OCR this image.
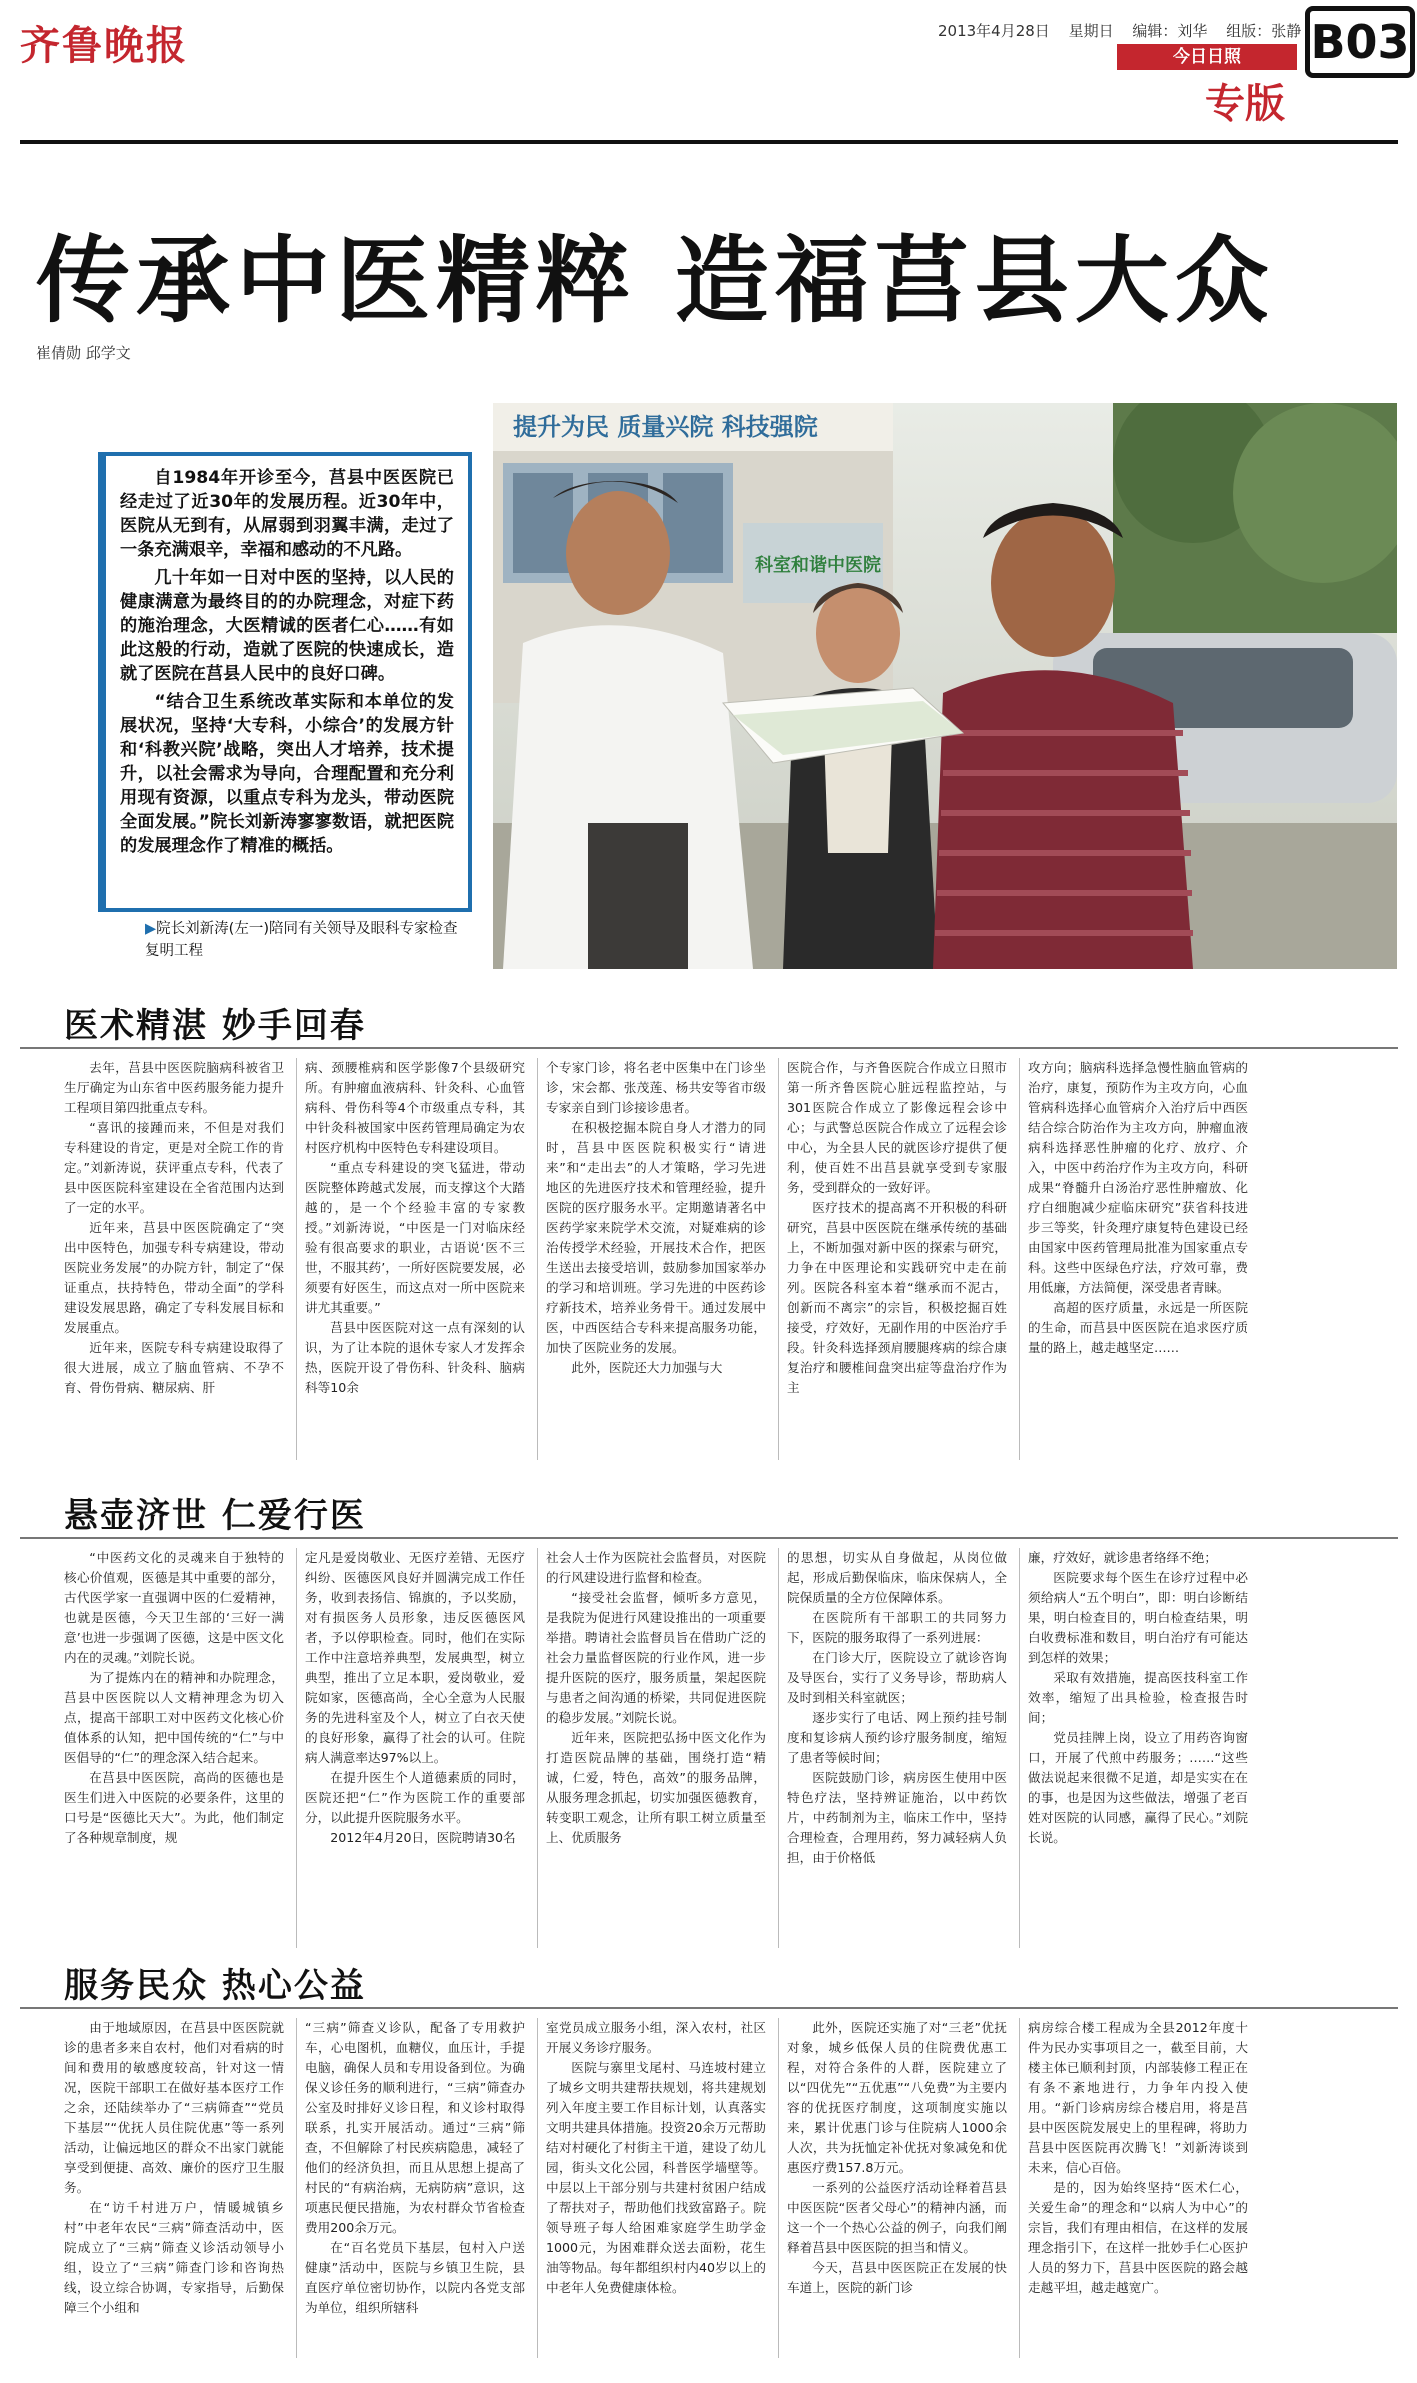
齐鲁晚报	2013年4月28日 星期日 编辑：刘华 组版：张静
今日日照	B03
专版
传承中医精粹 造福莒县大众
崔倩勋 邱学文

自1984年开诊至今，莒县中医医院已经走过了近30年的发展历程。近30年中，医院从无到有，从屌弱到羽翼丰满，走过了一条充满艰辛，幸福和感动的不凡路。

几十年如一日对中医的坚持，以人民的健康满意为最终目的的办院理念，对症下药的施治理念，大医精诚的医者仁心……有如此这般的行动，造就了医院的快速成长，造就了医院在莒县人民中的良好口碑。

“结合卫生系统改革实际和本单位的发展状况，坚持‘大专科，小综合’的发展方针和‘科教兴院’战略，突出人才培养，技术提升，以社会需求为导向，合理配置和充分利用现有资源，以重点专科为龙头，带动医院全面发展。”院长刘新涛寥寥数语，就把医院的发展理念作了精准的概括。

▶院长刘新涛(左一)陪同有关领导及眼科专家检查复明工程
提升为民 质量兴院 科技强院
科室和谐中医院
医术精湛 妙手回春

去年，莒县中医医院脑病科被省卫生厅确定为山东省中医药服务能力提升工程项目第四批重点专科。

“喜讯的接踵而来，不但是对我们专科建设的肯定，更是对全院工作的肯定。”刘新涛说，获评重点专科，代表了县中医医院科室建设在全省范围内达到了一定的水平。

近年来，莒县中医医院确定了“突出中医特色，加强专科专病建设，带动医院业务发展”的办院方针，制定了“保证重点，扶持特色，带动全面”的学科建设发展思路，确定了专科发展目标和发展重点。

近年来，医院专科专病建设取得了很大进展，成立了脑血管病、不孕不育、骨伤骨病、糖尿病、肝

病、颈腰椎病和医学影像7个县级研究所。有肿瘤血液病科、针灸科、心血管病科、骨伤科等4个市级重点专科，其中针灸科被国家中医药管理局确定为农村医疗机构中医特色专科建设项目。

“重点专科建设的突飞猛进，带动医院整体跨越式发展，而支撑这个大踏越的，是一个个经验丰富的专家教授。”刘新涛说，“中医是一门对临床经验有很高要求的职业，古语说‘医不三世，不服其药’，一所好医院要发展，必须要有好医生，而这点对一所中医院来讲尤其重要。”

莒县中医医院对这一点有深刻的认识，为了让本院的退休专家人才发挥余热，医院开设了骨伤科、针灸科、脑病科等10余

个专家门诊，将名老中医集中在门诊坐诊，宋会都、张茂莲、杨共安等省市级专家亲自到门诊接诊患者。

在积极挖掘本院自身人才潜力的同时，莒县中医医院积极实行“请进来”和“走出去”的人才策略，学习先进地区的先进医疗技术和管理经验，提升医院的医疗服务水平。定期邀请著名中医药学家来院学术交流，对疑难病的诊治传授学术经验，开展技术合作，把医生送出去接受培训，鼓励参加国家举办的学习和培训班。学习先进的中医药诊疗新技术，培养业务骨干。通过发展中医，中西医结合专科来提高服务功能，加快了医院业务的发展。

此外，医院还大力加强与大

医院合作，与齐鲁医院合作成立日照市第一所齐鲁医院心脏远程监控站，与301医院合作成立了影像远程会诊中心；与武警总医院合作成立了远程会诊中心，为全县人民的就医诊疗提供了便利，使百姓不出莒县就享受到专家服务，受到群众的一致好评。

医疗技术的提高离不开积极的科研研究，莒县中医医院在继承传统的基础上，不断加强对新中医的探索与研究，力争在中医理论和实践研究中走在前列。医院各科室本着“继承而不泥古，创新而不离宗”的宗旨，积极挖掘百姓接受，疗效好，无副作用的中医治疗手段。针灸科选择颈肩腰腿疼病的综合康复治疗和腰椎间盘突出症等盘治疗作为主

攻方向；脑病科选择急慢性脑血管病的治疗，康复，预防作为主攻方向，心血管病科选择心血管病介入治疗后中西医结合综合防治作为主攻方向，肿瘤血液病科选择恶性肿瘤的化疗、放疗、介入，中医中药治疗作为主攻方向，科研成果“脊髓升白汤治疗恶性肿瘤放、化疗白细胞减少症临床研究”获省科技进步三等奖，针灸理疗康复特色建设已经由国家中医药管理局批准为国家重点专科。这些中医绿色疗法，疗效可靠，费用低廉，方法简便，深受患者青睐。

高超的医疗质量，永远是一所医院的生命，而莒县中医医院在追求医疗质量的路上，越走越坚定……

悬壶济世 仁爱行医

“中医药文化的灵魂来自于独特的核心价值观，医德是其中重要的部分，古代医学家一直强调中医的仁爱精神，也就是医德，今天卫生部的‘三好一满意’也进一步强调了医德，这是中医文化内在的灵魂。”刘院长说。

为了提炼内在的精神和办院理念，莒县中医医院以人文精神理念为切入点，提高干部职工对中医药文化核心价值体系的认知，把中国传统的“仁”与中医倡导的“仁”的理念深入结合起来。

在莒县中医医院，高尚的医德也是医生们进入中医院的必要条件，这里的口号是“医德比天大”。为此，他们制定了各种规章制度，规

定凡是爱岗敬业、无医疗差错、无医疗纠纷、医德医风良好并圆满完成工作任务，收到表扬信、锦旗的，予以奖励，对有损医务人员形象，违反医德医风者，予以停职检查。同时，他们在实际工作中注意培养典型，发展典型，树立典型，推出了立足本职，爱岗敬业，爱院如家，医德高尚，全心全意为人民服务的先进科室及个人，树立了白衣天使的良好形象，赢得了社会的认可。住院病人满意率达97%以上。

在提升医生个人道德素质的同时，医院还把“仁”作为医院工作的重要部分，以此提升医院服务水平。

2012年4月20日，医院聘请30名

社会人士作为医院社会监督员，对医院的行风建设进行监督和检查。

“接受社会监督，倾听多方意见，是我院为促进行风建设推出的一项重要举措。聘请社会监督员旨在借助广泛的社会力量监督医院的行业作风，进一步提升医院的医疗，服务质量，架起医院与患者之间沟通的桥梁，共同促进医院的稳步发展。”刘院长说。

近年来，医院把弘扬中医文化作为打造医院品牌的基础，围绕打造“精诚，仁爱，特色，高效”的服务品牌，从服务理念抓起，切实加强医德教育，转变职工观念，让所有职工树立质量至上、优质服务

的思想，切实从自身做起，从岗位做起，形成后勤保临床，临床保病人，全院保质量的全方位保障体系。

在医院所有干部职工的共同努力下，医院的服务取得了一系列进展：

在门诊大厅，医院设立了就诊咨询及导医台，实行了义务导诊，帮助病人及时到相关科室就医；

逐步实行了电话、网上预约挂号制度和复诊病人预约诊疗服务制度，缩短了患者等候时间；

医院鼓励门诊，病房医生使用中医特色疗法，坚持辨证施治，以中药饮片，中药制剂为主，临床工作中，坚持合理检查，合理用药，努力减轻病人负担，由于价格低

廉，疗效好，就诊患者络绎不绝；

医院要求每个医生在诊疗过程中必须给病人“五个明白”，即：明白诊断结果，明白检查目的，明白检查结果，明白收费标准和数目，明白治疗有可能达到怎样的效果；

采取有效措施，提高医技科室工作效率，缩短了出具检验，检查报告时间；

党员挂牌上岗，设立了用药咨询窗口，开展了代煎中药服务；……“这些做法说起来很微不足道，却是实实在在的事，也是因为这些做法，增强了老百姓对医院的认同感，赢得了民心。”刘院长说。

服务民众 热心公益

由于地域原因，在莒县中医医院就诊的患者多来自农村，他们对看病的时间和费用的敏感度较高，针对这一情况，医院干部职工在做好基本医疗工作之余，还陆续举办了“三病筛查”“党员下基层”“优抚人员住院优惠”等一系列活动，让偏远地区的群众不出家门就能享受到便捷、高效、廉价的医疗卫生服务。

在“访千村进万户，情暖城镇乡村”中老年农民“三病”筛查活动中，医院成立了“三病”筛查义诊活动领导小组，设立了“三病”筛查门诊和咨询热线，设立综合协调，专家指导，后勤保障三个小组和

“三病”筛查义诊队，配备了专用救护车，心电图机，血糖仪，血压计，手提电脑，确保人员和专用设备到位。为确保义诊任务的顺利进行，“三病”筛查办公室及时排好义诊日程，和义诊村取得联系，扎实开展活动。通过“三病”筛查，不但解除了村民疾病隐患，减轻了他们的经济负担，而且从思想上提高了村民的“有病治病，无病防病”意识，这项惠民便民措施，为农村群众节省检查费用200余万元。

在“百名党员下基层，包村入户送健康”活动中，医院与乡镇卫生院，县直医疗单位密切协作，以院内各党支部为单位，组织所辖科

室党员成立服务小组，深入农村，社区开展义务诊疗服务。

医院与寨里戈尾村、马连坡村建立了城乡文明共建帮扶规划，将共建规划列入年度主要工作目标计划，认真落实文明共建具体措施。投资20余万元帮助结对村硬化了村街主干道，建设了幼儿园，街头文化公园，科普医学墙壁等。中层以上干部分别与共建村贫困户结成了帮扶对子，帮助他们找致富路子。院领导班子每人给困难家庭学生助学金1000元，为困难群众送去面粉，花生油等物品。每年都组织村内40岁以上的中老年人免费健康体检。

此外，医院还实施了对“三老”优抚对象，城乡低保人员的住院费优惠工程，对符合条件的人群，医院建立了以“四优先”“五优惠”“八免费”为主要内容的优抚医疗制度，这项制度实施以来，累计优惠门诊与住院病人1000余人次，共为抚恤定补优抚对象减免和优惠医疗费157.8万元。

一系列的公益医疗活动诠释着莒县中医医院“医者父母心”的精神内涵，而这一个一个热心公益的例子，向我们阐释着莒县中医医院的担当和情义。

今天，莒县中医医院正在发展的快车道上，医院的新门诊

病房综合楼工程成为全县2012年度十件为民办实事项目之一，截至目前，大楼主体已顺利封顶，内部装修工程正在有条不紊地进行，力争年内投入使用。“新门诊病房综合楼启用，将是莒县中医医院发展史上的里程碑，将助力莒县中医医院再次腾飞！”刘新涛谈到未来，信心百倍。

是的，因为始终坚持“医术仁心，关爱生命”的理念和“以病人为中心”的宗旨，我们有理由相信，在这样的发展理念指引下，在这样一批妙手仁心医护人员的努力下，莒县中医医院的路会越走越平坦，越走越宽广。
